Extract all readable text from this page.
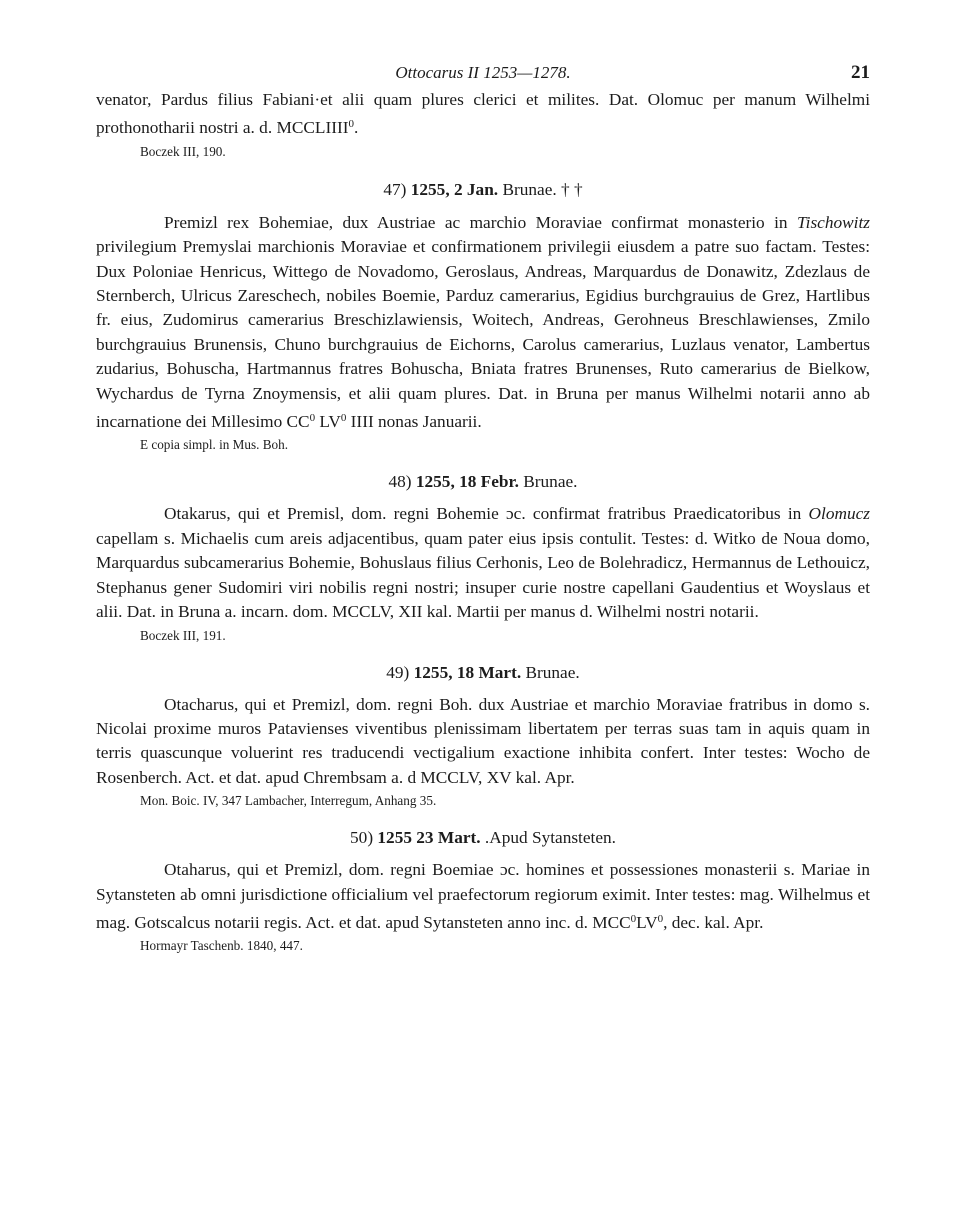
Ottocarus II 1253—1278.	21

venator, Pardus filius Fabiani·et alii quam plures clerici et milites. Dat. Olomuc per manum Wilhelmi prothonotharii nostri a. d. MCCLIIII$^0$.

Boczek III, 190.

47) 1255, 2 Jan. Brunae. † †

Premizl rex Bohemiae, dux Austriae ac marchio Moraviae confirmat monasterio in Tischowitz privilegium Premyslai marchionis Moraviae et confirmationem privilegii eiusdem a patre suo factam. Testes: Dux Poloniae Henricus, Wittego de Novadomo, Geroslaus, Andreas, Marquardus de Donawitz, Zdezlaus de Sternberch, Ulricus Zareschech, nobiles Boemie, Parduz camerarius, Egidius burchgrauius de Grez, Hartlibus fr. eius, Zudomirus camerarius Breschizlawiensis, Woitech, Andreas, Gerohneus Breschlawienses, Zmilo burchgrauius Brunensis, Chuno burchgrauius de Eichorns, Carolus camerarius, Luzlaus venator, Lambertus zudarius, Bohuscha, Hartmannus fratres Bohuscha, Bniata fratres Brunenses, Ruto camerarius de Bielkow, Wychardus de Tyrna Znoymensis, et alii quam plures. Dat. in Bruna per manus Wilhelmi notarii anno ab incarnatione dei Millesimo $CC^0$ $LV^0$ IIII nonas Januarii.

E copia simpl. in Mus. Boh.

48) 1255, 18 Febr. Brunae.

Otakarus, qui et Premisl, dom. regni Bohemie ɔc. confirmat fratribus Praedicatoribus in Olomucz capellam s. Michaelis cum areis adjacentibus, quam pater eius ipsis contulit. Testes: d. Witko de Noua domo, Marquardus subcamerarius Bohemie, Bohuslaus filius Cerhonis, Leo de Bolehradicz, Hermannus de Lethouicz, Stephanus gener Sudomiri viri nobilis regni nostri; insuper curie nostre capellani Gaudentius et Woyslaus et alii. Dat. in Bruna a. incarn. dom. MCCLV, XII kal. Martii per manus d. Wilhelmi nostri notarii.

Boczek III, 191.

49) 1255, 18 Mart. Brunae.

Otacharus, qui et Premizl, dom. regni Boh. dux Austriae et marchio Moraviae fratribus in domo s. Nicolai proxime muros Patavienses viventibus plenissimam libertatem per terras suas tam in aquis quam in terris quascunque voluerint res traducendi vectigalium exactione inhibita confert. Inter testes: Wocho de Rosenberch. Act. et dat. apud Chrembsam a. d MCCLV, XV kal. Apr.

Mon. Boic. IV, 347 Lambacher, Interregum, Anhang 35.

50) 1255 23 Mart. .Apud Sytansteten.

Otaharus, qui et Premizl, dom. regni Boemiae ɔc. homines et possessiones monasterii s. Mariae in Sytansteten ab omni jurisdictione officialium vel praefectorum regiorum eximit. Inter testes: mag. Wilhelmus et mag. Gotscalcus notarii regis. Act. et dat. apud Sytansteten anno inc. d. $MCC^0LV^0$, dec. kal. Apr.

Hormayr Taschenb. 1840, 447.
